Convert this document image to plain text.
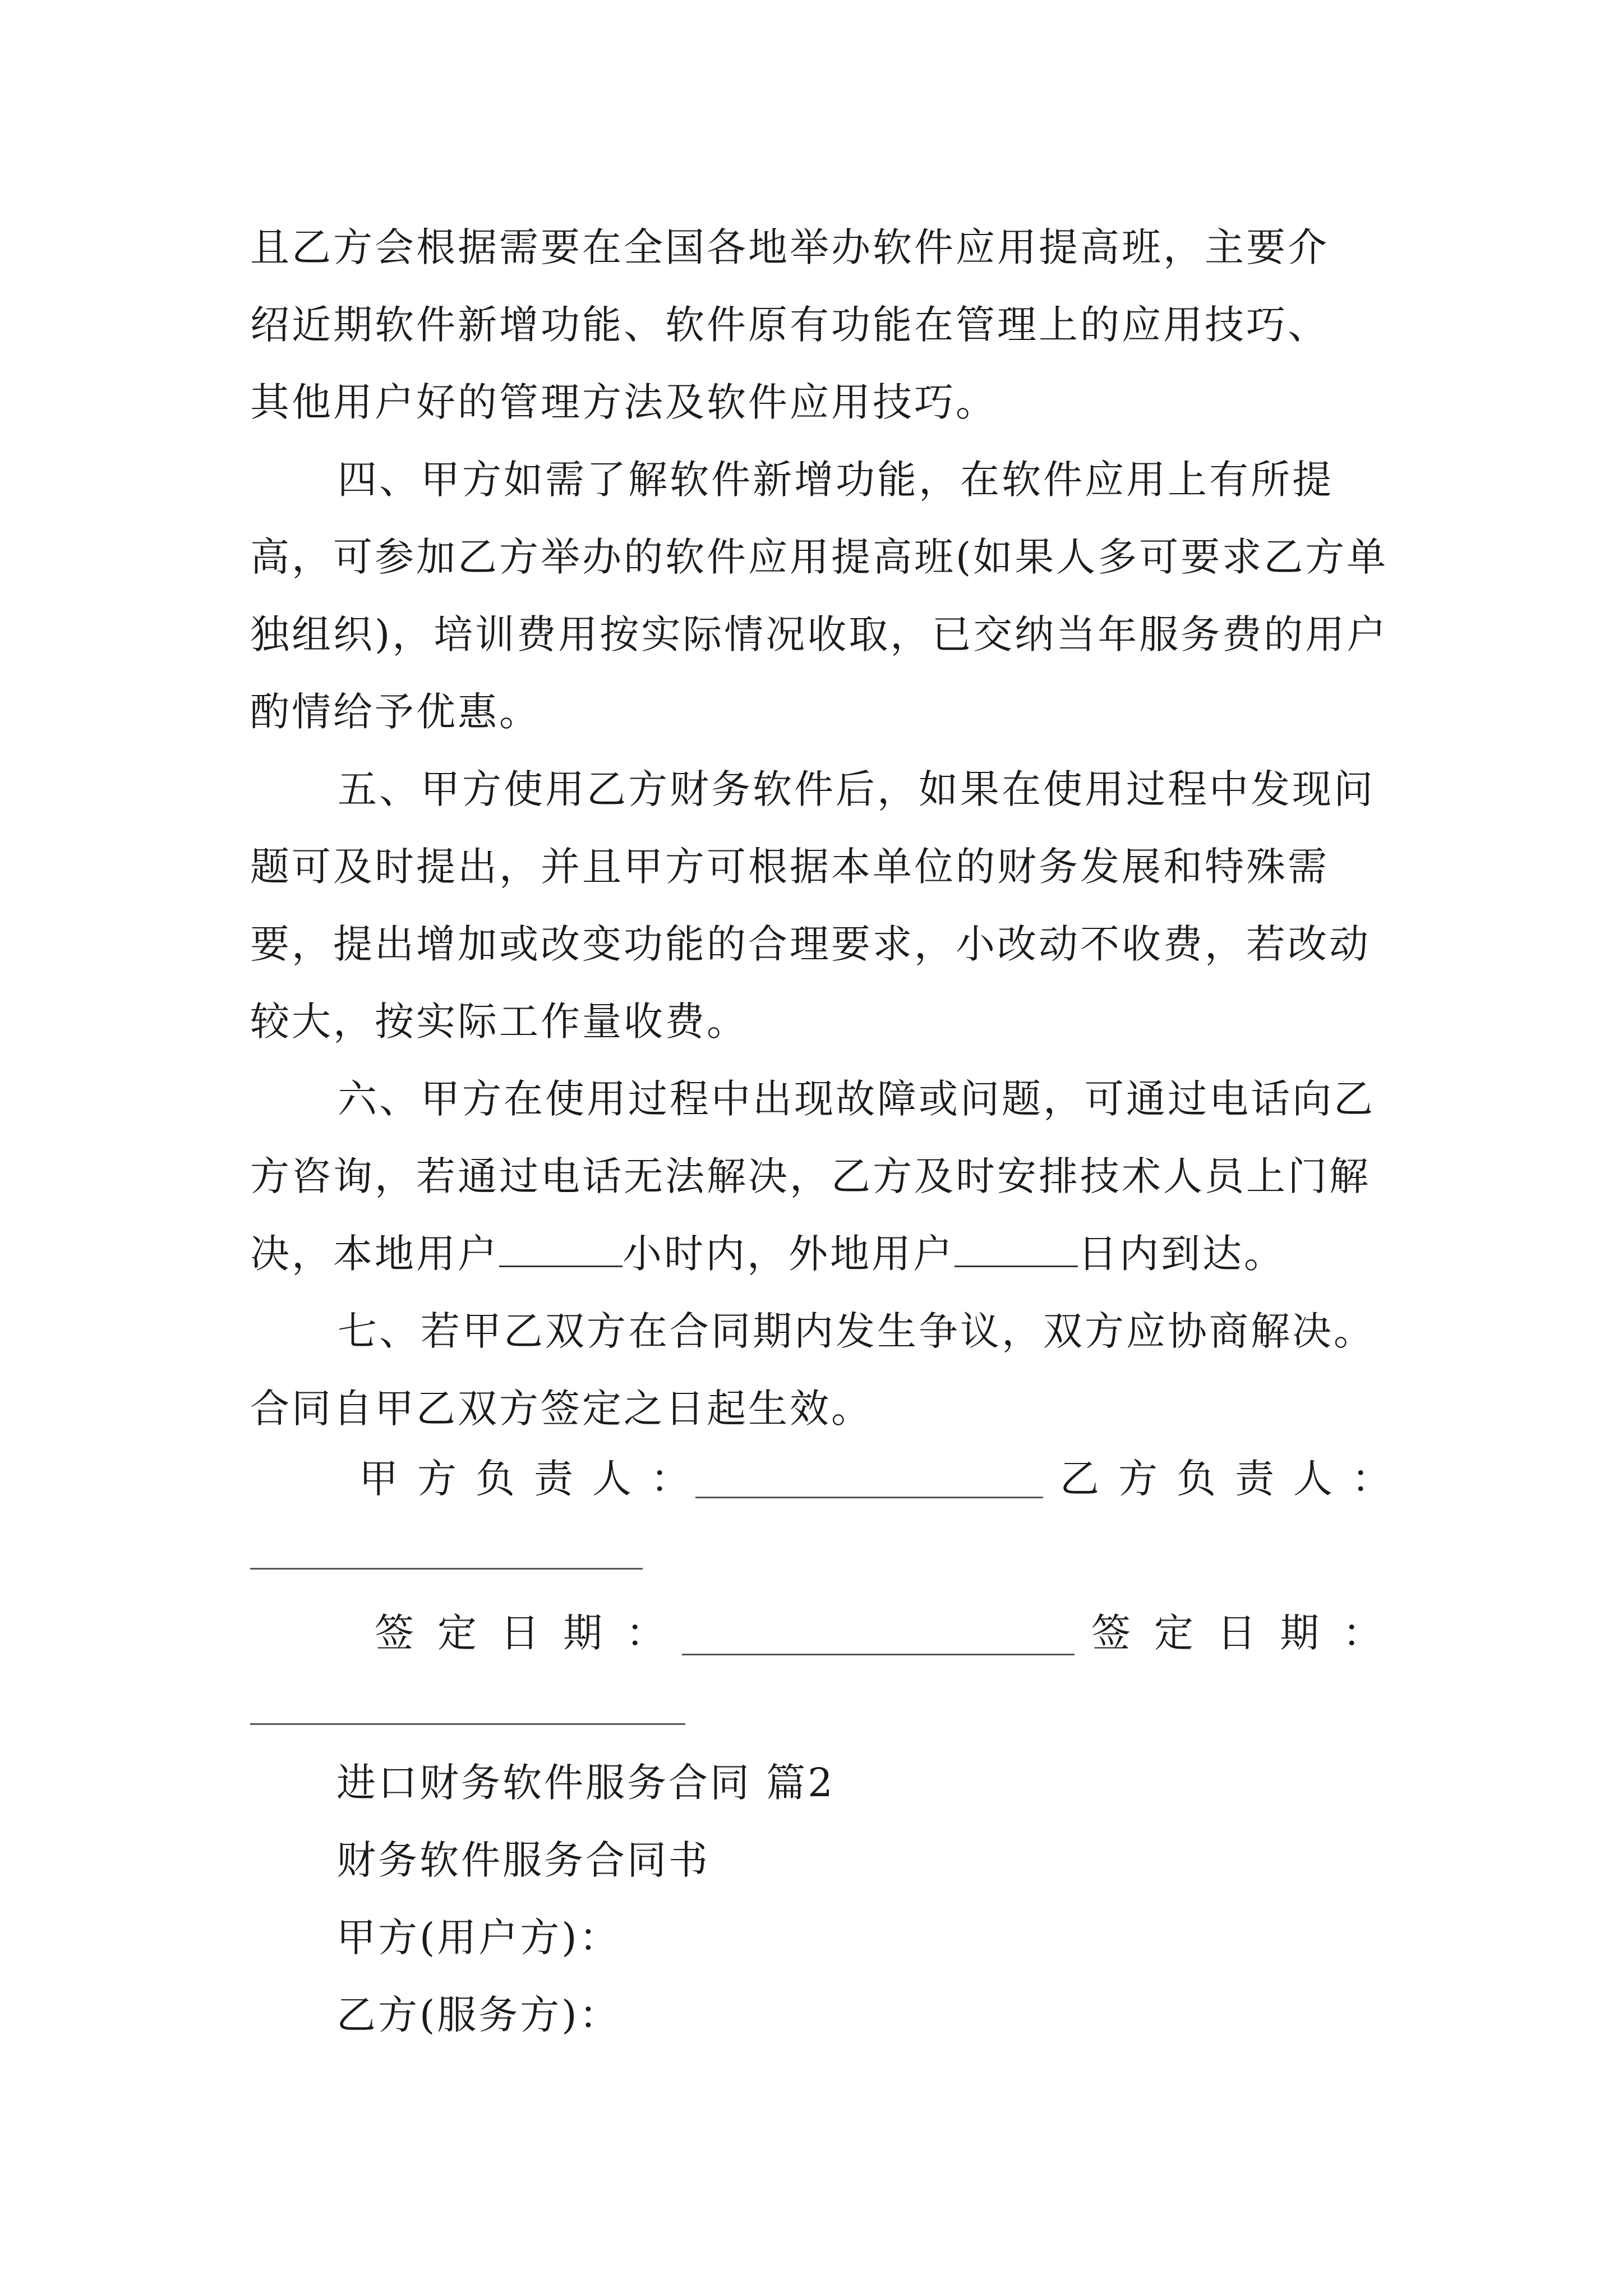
且乙方会根据需要在全国各地举办软件应用提高班，主要介
绍近期软件新增功能、软件原有功能在管理上的应用技巧、
其他用户好的管理方法及软件应用技巧。

四、甲方如需了解软件新增功能，在软件应用上有所提高，可参加乙方举办的软件应用提高班(如果人多可要求乙方单独组织)，培训费用按实际情况收取，已交纳当年服务费的用户酌情给予优惠。

五、甲方使用乙方财务软件后，如果在使用过程中发现问题可及时提出，并且甲方可根据本单位的财务发展和特殊需要，提出增加或改变功能的合理要求，小改动不收费，若改动较大，按实际工作量收费。

六、甲方在使用过程中出现故障或问题，可通过电话向乙方咨询，若通过电话无法解决，乙方及时安排技术人员上门解决，本地用户	小时内，外地用户	日内到达。

七、若甲乙双方在合同期内发生争议，双方应协商解决。合同自甲乙双方签定之日起生效。

甲方负责人：	乙方负责人：
签定日期：	签定日期：
进口财务软件服务合同 篇2
财务软件服务合同书
甲方(用户方)：
乙方(服务方)：
